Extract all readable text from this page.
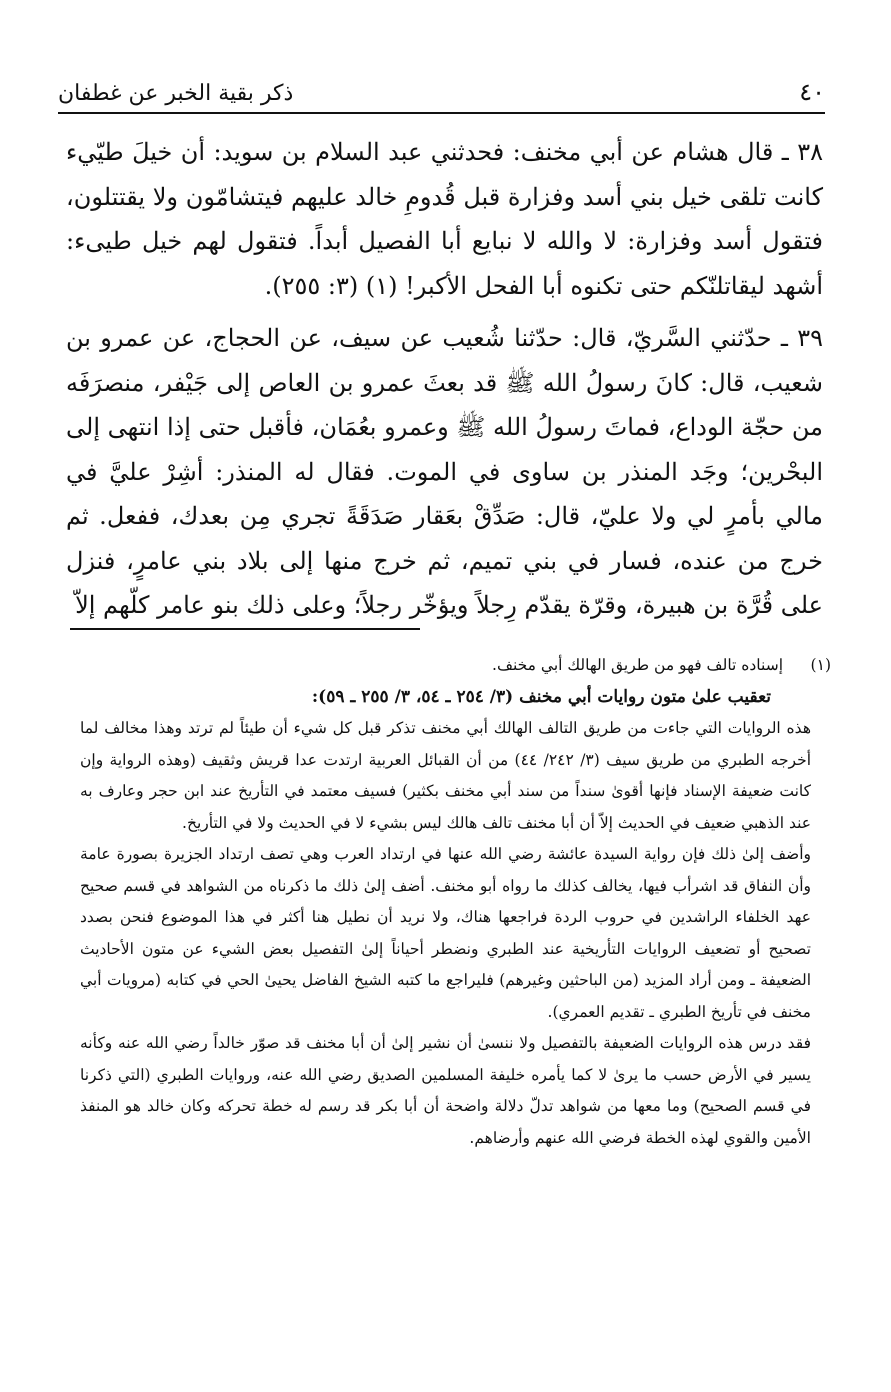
٤٠
ذكر بقية الخبر عن غطفان

٣٨ ـ قال هشام عن أبي مخنف: فحدثني عبد السلام بن سويد: أن خيلَ طيّيء كانت تلقى خيل بني أسد وفزارة قبل قُدومِ خالد عليهم فيتشامّون ولا يقتتلون، فتقول أسد وفزارة: لا والله لا نبايع أبا الفصيل أبداً. فتقول لهم خيل طيىء: أشهد ليقاتلنّكم حتى تكنوه أبا الفحل الأكبر! (١) (٣: ٢٥٥).

٣٩ ـ حدّثني السَّريّ، قال: حدّثنا شُعيب عن سيف، عن الحجاج، عن عمرو بن شعيب، قال: كانَ رسولُ الله ﷺ قد بعثَ عمرو بن العاص إلى جَيْفر، منصرَفَه من حجّة الوداع، فماتَ رسولُ الله ﷺ وعمرو بعُمَان، فأقبل حتى إذا انتهى إلى البحْرين؛ وجَد المنذر بن ساوى في الموت. فقال له المنذر: أشِرْ عليَّ في مالي بأمرٍ لي ولا عليّ، قال: صَدِّقْ بعَقار صَدَقَةً تجري مِن بعدك، ففعل. ثم خرج من عنده، فسار في بني تميم، ثم خرج منها إلى بلاد بني عامرٍ، فنزل على قُرَّة بن هبيرة، وقرّة يقدّم رِجلاً ويؤخّر رجلاً؛ وعلى ذلك بنو عامر كلّهم إلاّ

(١)إسناده تالف فهو من طريق الهالك أبي مخنف.

تعقيب علىٰ متون روايات أبي مخنف (٣/ ٢٥٤ ـ ٥٤، ٣/ ٢٥٥ ـ ٥٩):

هذه الروايات التي جاءت من طريق التالف الهالك أبي مخنف تذكر قبل كل شيء أن طيئاً لم ترتد وهذا مخالف لما أخرجه الطبري من طريق سيف (٣/ ٢٤٢/ ٤٤) من أن القبائل العربية ارتدت عدا قريش وثقيف (وهذه الرواية وإن كانت ضعيفة الإسناد فإنها أقوىٰ سنداً من سند أبي مخنف بكثير) فسيف معتمد في التأريخ عند ابن حجر وعارف به عند الذهبي ضعيف في الحديث إلاّ أن أبا مخنف تالف هالك ليس بشيء لا في الحديث ولا في التأريخ.

وأضف إلىٰ ذلك فإن رواية السيدة عائشة رضي الله عنها في ارتداد العرب وهي تصف ارتداد الجزيرة بصورة عامة وأن النفاق قد اشرأب فيها، يخالف كذلك ما رواه أبو مخنف. أضف إلىٰ ذلك ما ذكرناه من الشواهد في قسم صحيح عهد الخلفاء الراشدين في حروب الردة فراجعها هناك، ولا نريد أن نطيل هنا أكثر في هذا الموضوع فنحن بصدد تصحيح أو تضعيف الروايات التأريخية عند الطبري ونضطر أحياناً إلىٰ التفصيل بعض الشيء عن متون الأحاديث الضعيفة ـ ومن أراد المزيد (من الباحثين وغيرهم) فليراجع ما كتبه الشيخ الفاضل يحيىٰ الحي في كتابه (مرويات أبي مخنف في تأريخ الطبري ـ تقديم العمري).

فقد درس هذه الروايات الضعيفة بالتفصيل ولا ننسىٰ أن نشير إلىٰ أن أبا مخنف قد صوّر خالداً رضي الله عنه وكأنه يسير في الأرض حسب ما يرىٰ لا كما يأمره خليفة المسلمين الصديق رضي الله عنه، وروايات الطبري (التي ذكرنا في قسم الصحيح) وما معها من شواهد تدلّ دلالة واضحة أن أبا بكر قد رسم له خطة تحركه وكان خالد هو المنفذ الأمين والقوي لهذه الخطة فرضي الله عنهم وأرضاهم.
